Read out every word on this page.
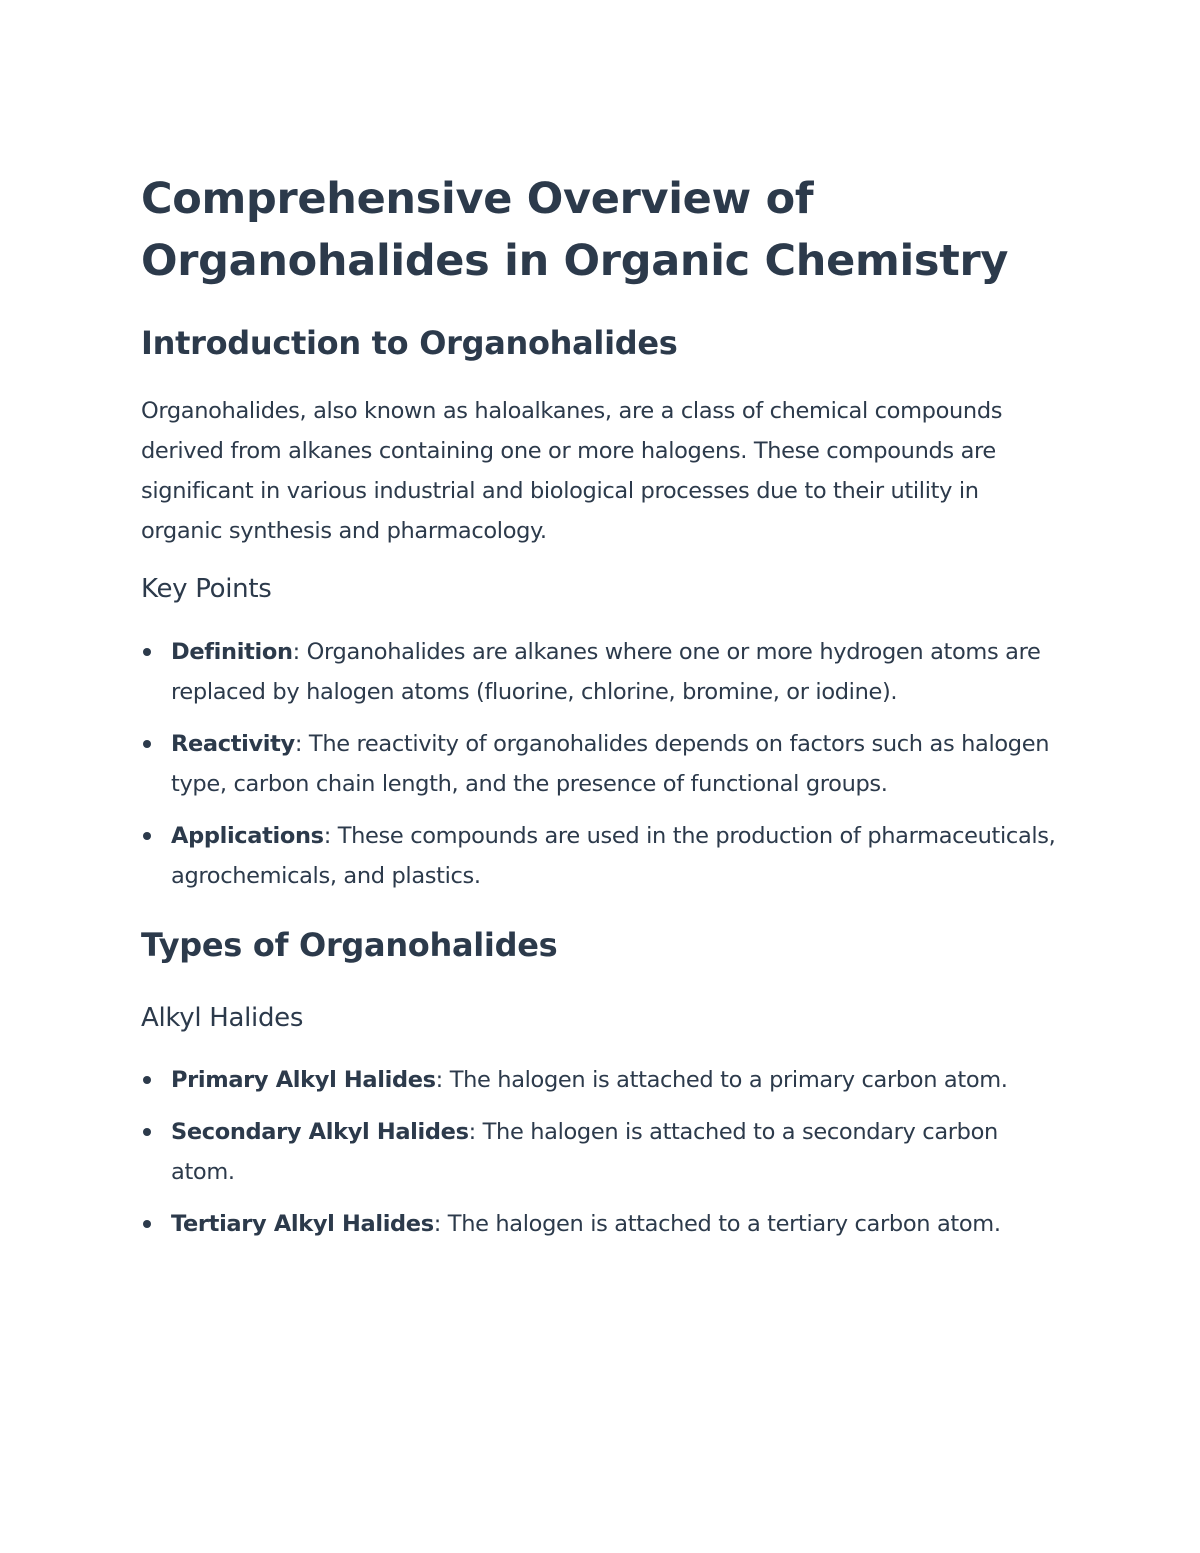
Comprehensive Overview of Organohalides in Organic Chemistry
Introduction to Organohalides

Organohalides, also known as haloalkanes, are a class of chemical compounds derived from alkanes containing one or more halogens. These compounds are significant in various industrial and biological processes due to their utility in organic synthesis and pharmacology.

Key Points
Definition: Organohalides are alkanes where one or more hydrogen atoms are replaced by halogen atoms (fluorine, chlorine, bromine, or iodine).
Reactivity: The reactivity of organohalides depends on factors such as halogen type, carbon chain length, and the presence of functional groups.
Applications: These compounds are used in the production of pharmaceuticals, agrochemicals, and plastics.
Types of Organohalides
Alkyl Halides
Primary Alkyl Halides: The halogen is attached to a primary carbon atom.
Secondary Alkyl Halides: The halogen is attached to a secondary carbon atom.
Tertiary Alkyl Halides: The halogen is attached to a tertiary carbon atom.
